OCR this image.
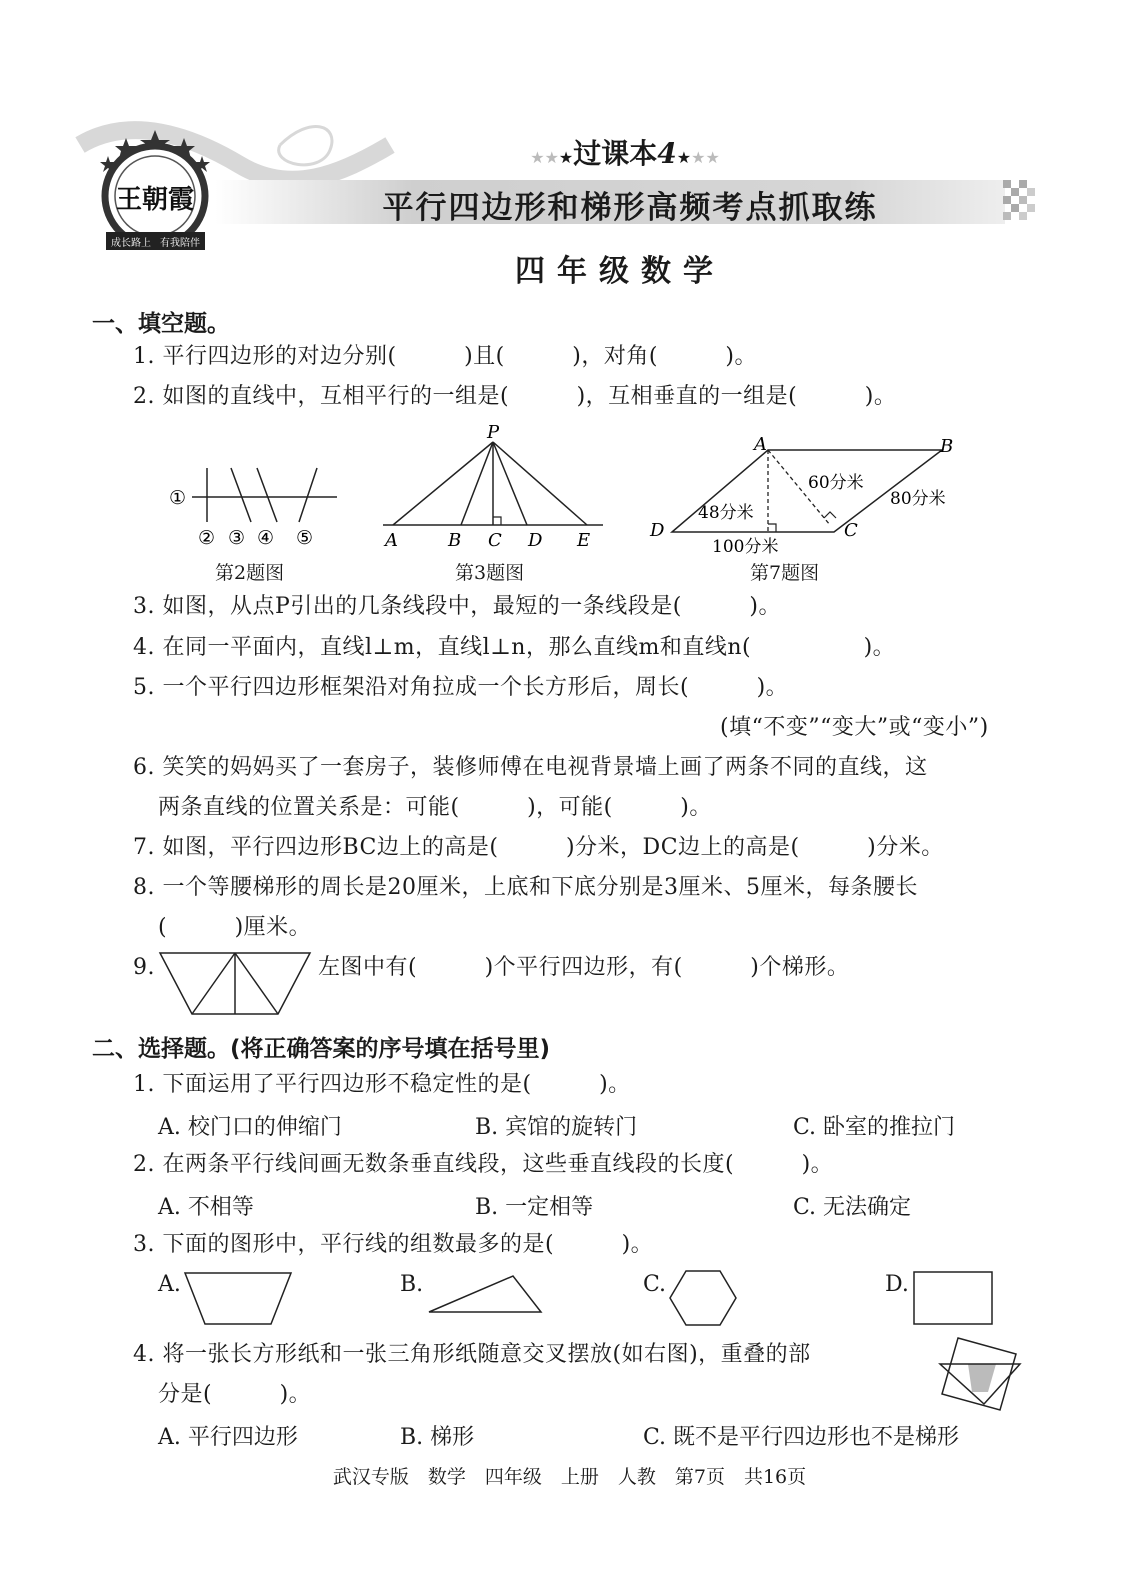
王朝霞
成长路上 有我陪伴
★★★过课本4★★★
平行四边形和梯形高频考点抓取练
四年级数学
一、填空题。
1. 平行四边形的对边分别(　　　)且(　　　)，对角(　　　)。
2. 如图的直线中，互相平行的一组是(　　　)，互相垂直的一组是(　　　)。
①
② ③ ④ ⑤
第2题图
P
A	B C D E
第3题图
A	B
C
D
60分米
80分米
48分米
100分米
第7题图
3. 如图，从点P引出的几条线段中，最短的一条线段是(　　　)。
4. 在同一平面内，直线l⊥m，直线l⊥n，那么直线m和直线n(　　　　　)。
5. 一个平行四边形框架沿对角拉成一个长方形后，周长(　　　)。
(填“不变”“变大”或“变小”)
6. 笑笑的妈妈买了一套房子，装修师傅在电视背景墙上画了两条不同的直线，这
两条直线的位置关系是：可能(　　　)，可能(　　　)。
7. 如图，平行四边形BC边上的高是(　　　)分米，DC边上的高是(　　　)分米。
8. 一个等腰梯形的周长是20厘米，上底和下底分别是3厘米、5厘米，每条腰长
(　　　)厘米。
9.	左图中有(　　　)个平行四边形，有(　　　)个梯形。
二、选择题。(将正确答案的序号填在括号里)
1. 下面运用了平行四边形不稳定性的是(　　　)。
A. 校门口的伸缩门	B. 宾馆的旋转门	C. 卧室的推拉门
2. 在两条平行线间画无数条垂直线段，这些垂直线段的长度(　　　)。
A. 不相等	B. 一定相等	C. 无法确定
3. 下面的图形中，平行线的组数最多的是(　　　)。
A.	B.	C.	D.
4. 将一张长方形纸和一张三角形纸随意交叉摆放(如右图)，重叠的部
分是(　　　)。
A. 平行四边形	B. 梯形	C. 既不是平行四边形也不是梯形
武汉专版　数学　四年级　上册　人教　第7页　共16页
